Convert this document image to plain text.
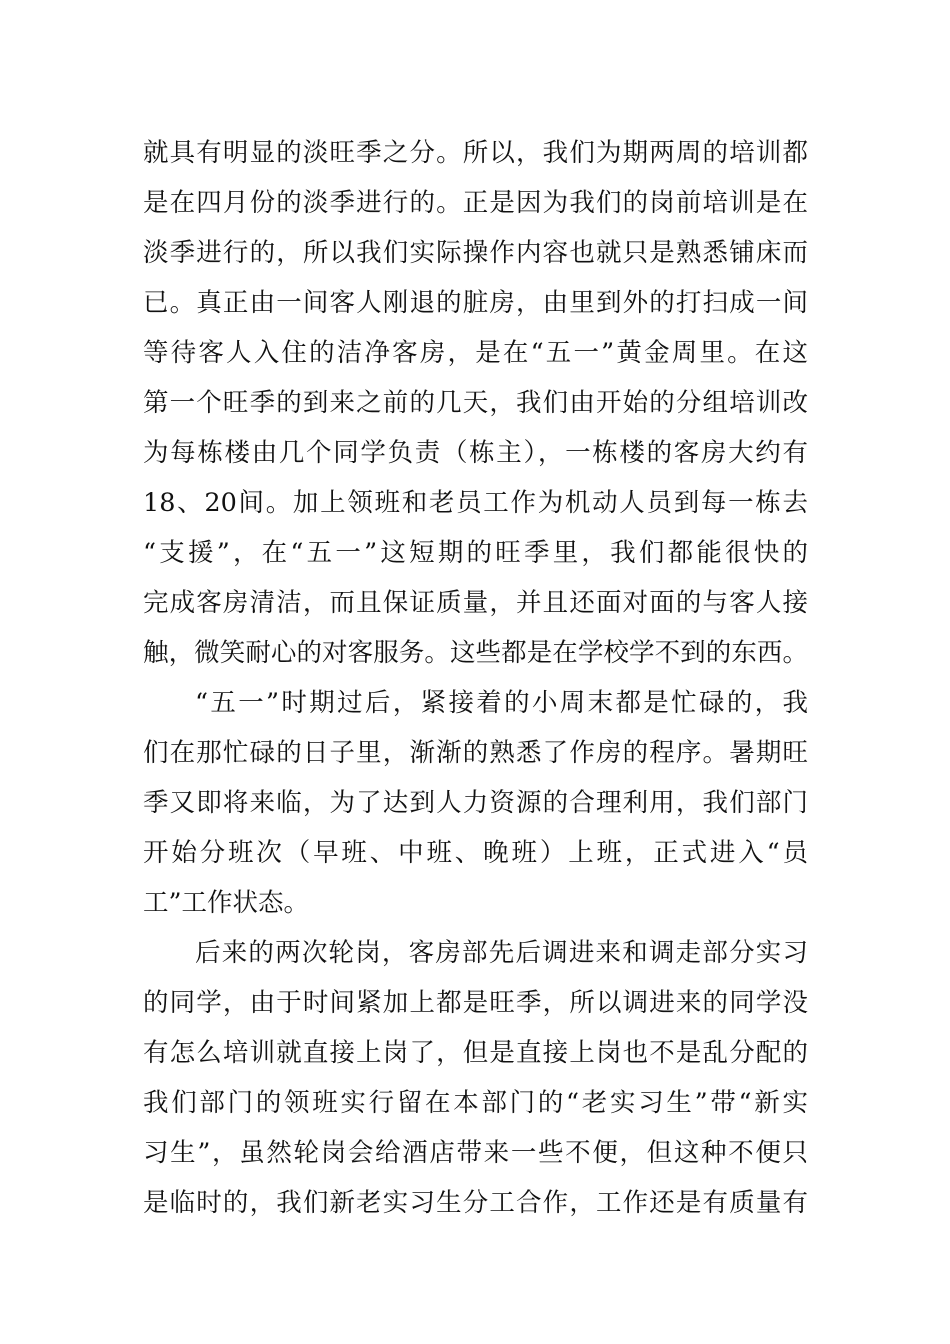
就具有明显的淡旺季之分。所以，我们为期两周的培训都
是在四月份的淡季进行的。正是因为我们的岗前培训是在
淡季进行的，所以我们实际操作内容也就只是熟悉铺床而
已。真正由一间客人刚退的脏房，由里到外的打扫成一间
等待客人入住的洁净客房，是在“五一”黄金周里。在这
第一个旺季的到来之前的几天，我们由开始的分组培训改
为每栋楼由几个同学负责（栋主），一栋楼的客房大约有
18、20间。加上领班和老员工作为机动人员到每一栋去
“支援”，在“五一”这短期的旺季里，我们都能很快的
完成客房清洁，而且保证质量，并且还面对面的与客人接
触，微笑耐心的对客服务。这些都是在学校学不到的东西。
“五一”时期过后，紧接着的小周末都是忙碌的，我
们在那忙碌的日子里，渐渐的熟悉了作房的程序。暑期旺
季又即将来临，为了达到人力资源的合理利用，我们部门
开始分班次（早班、中班、晚班）上班，正式进入“员
工”工作状态。
后来的两次轮岗，客房部先后调进来和调走部分实习
的同学，由于时间紧加上都是旺季，所以调进来的同学没
有怎么培训就直接上岗了，但是直接上岗也不是乱分配的
我们部门的领班实行留在本部门的“老实习生”带“新实
习生”，虽然轮岗会给酒店带来一些不便，但这种不便只
是临时的，我们新老实习生分工合作，工作还是有质量有
